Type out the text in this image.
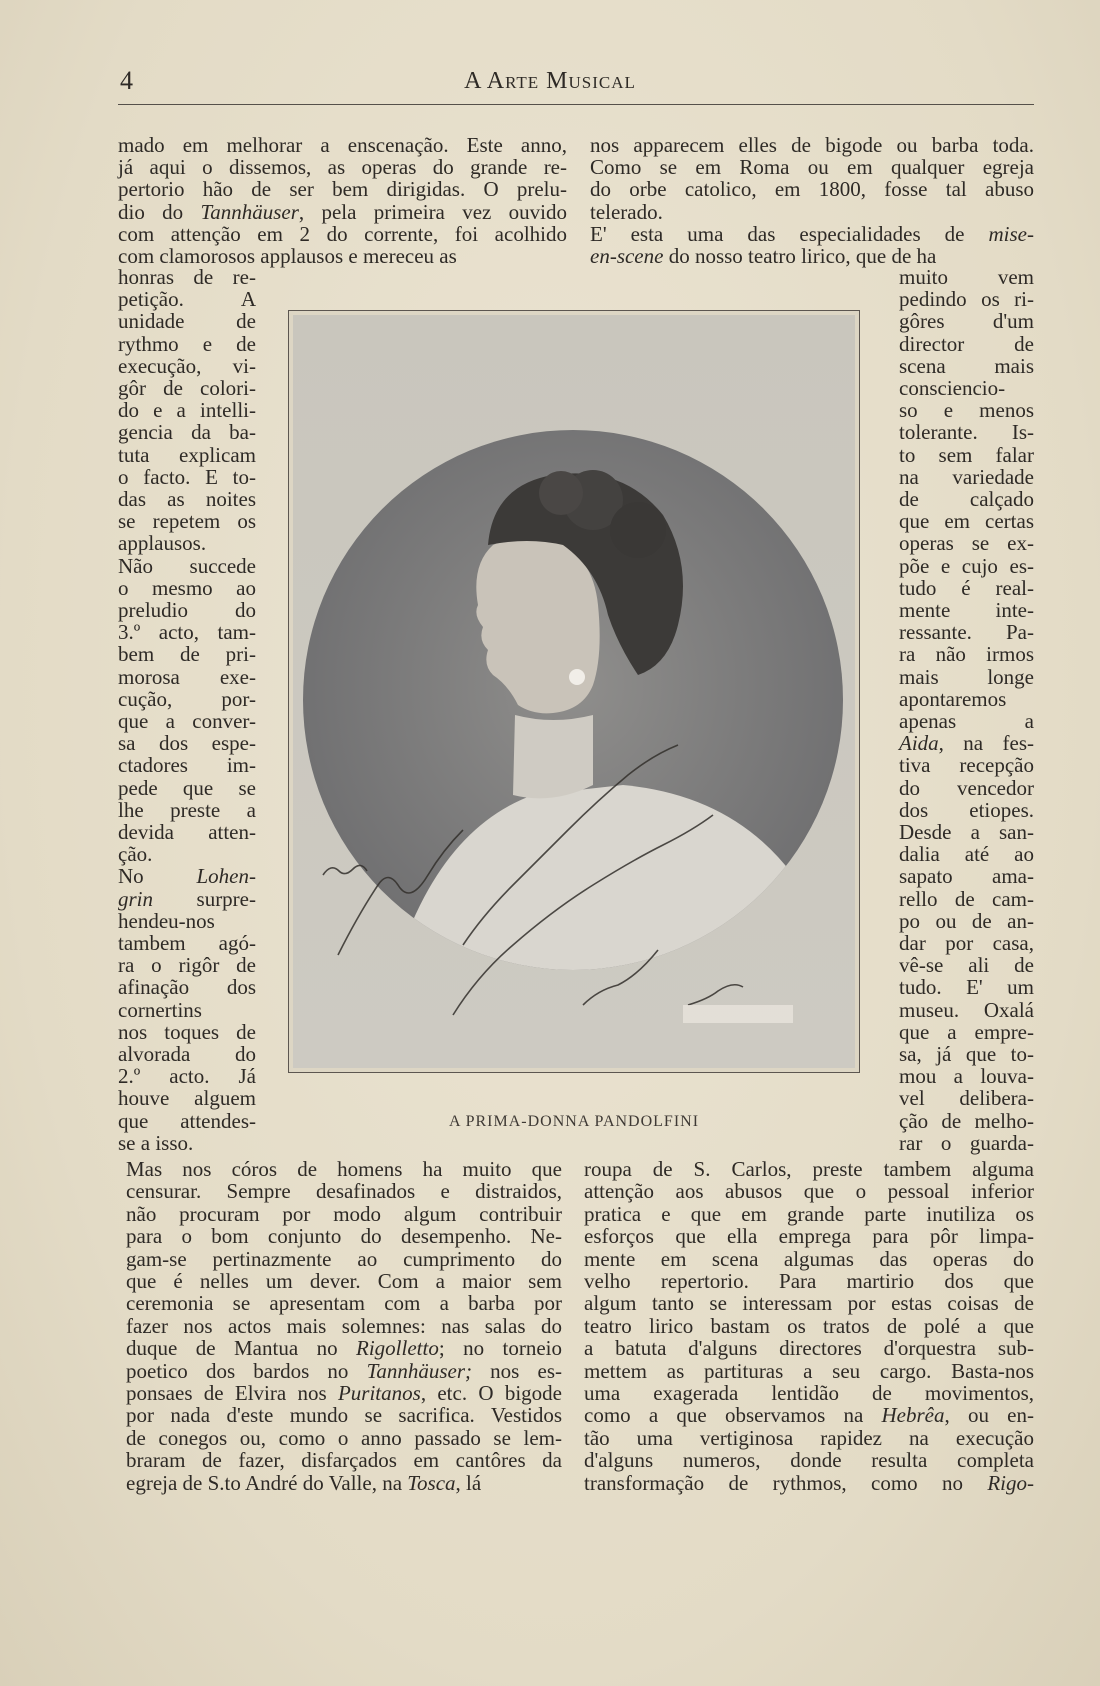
4	A Arte Musical
mado em melhorar a enscenação. Este anno,
já aqui o dissemos, as operas do grande re-
pertorio hão de ser bem dirigidas. O prelu-
dio do Tannhäuser, pela primeira vez ouvido
com attenção em 2 do corrente, foi acolhido
com clamorosos applausos e mereceu as
nos apparecem elles de bigode ou barba toda.
Como se em Roma ou em qualquer egreja
do orbe catolico, em 1800, fosse tal abuso
telerado.
E' esta uma das especialidades de mise-
en-scene do nosso teatro lirico, que de ha
honras de re-
petição. A
unidade de
rythmo e de
execução, vi-
gôr de colori-
do e a intelli-
gencia da ba-
tuta explicam
o facto. E to-
das as noites
se repetem os
applausos.
Não succede
o mesmo ao
preludio do
3.º acto, tam-
bem de pri-
morosa exe-
cução, por-
que a conver-
sa dos espe-
ctadores im-
pede que se
lhe preste a
devida atten-
ção.
No Lohen-
grin surpre-
hendeu-nos
tambem agó-
ra o rigôr de
afinação dos
cornertins
nos toques de
alvorada do
2.º acto. Já
houve alguem
que attendes-
se a isso.
muito vem
pedindo os ri-
gôres d'um
director de
scena mais
consciencio-
so e menos
tolerante. Is-
to sem falar
na variedade
de calçado
que em certas
operas se ex-
põe e cujo es-
tudo é real-
mente inte-
ressante. Pa-
ra não irmos
mais longe
apontaremos
apenas a
Aida, na fes-
tiva recepção
do vencedor
dos etiopes.
Desde a san-
dalia até ao
sapato ama-
rello de cam-
po ou de an-
dar por casa,
vê-se ali de
tudo. E' um
museu. Oxalá
que a empre-
sa, já que to-
mou a louva-
vel delibera-
ção de melho-
rar o guarda-
Mas nos córos de homens ha muito que
censurar. Sempre desafinados e distraidos,
não procuram por modo algum contribuir
para o bom conjunto do desempenho. Ne-
gam-se pertinazmente ao cumprimento do
que é nelles um dever. Com a maior sem
ceremonia se apresentam com a barba por
fazer nos actos mais solemnes: nas salas do
duque de Mantua no Rigolletto; no torneio
poetico dos bardos no Tannhäuser; nos es-
ponsaes de Elvira nos Puritanos, etc. O bigode
por nada d'este mundo se sacrifica. Vestidos
de conegos ou, como o anno passado se lem-
braram de fazer, disfarçados em cantôres da
egreja de S.to André do Valle, na Tosca, lá
roupa de S. Carlos, preste tambem alguma
attenção aos abusos que o pessoal inferior
pratica e que em grande parte inutiliza os
esforços que ella emprega para pôr limpa-
mente em scena algumas das operas do
velho repertorio. Para martirio dos que
algum tanto se interessam por estas coisas de
teatro lirico bastam os tratos de polé a que
a batuta d'alguns directores d'orquestra sub-
mettem as partituras a seu cargo. Basta-nos
uma exagerada lentidão de movimentos,
como a que observamos na Hebrêa, ou en-
tão uma vertiginosa rapidez na execução
d'alguns numeros, donde resulta completa
transformação de rythmos, como no Rigo-
A PRIMA-DONNA PANDOLFINI
